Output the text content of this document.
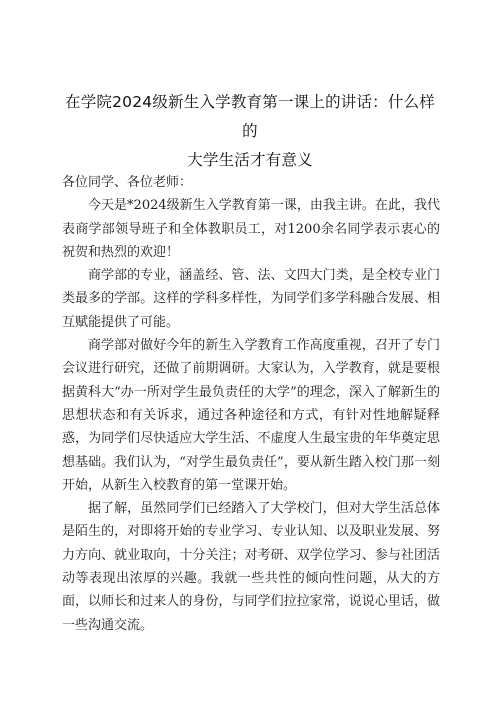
在学院2024级新生入学教育第一课上的讲话：什么样的
大学生活才有意义

各位同学、各位老师：

今天是*2024级新生入学教育第一课，由我主讲。在此，我代表商学部领导班子和全体教职员工，对1200余名同学表示衷心的祝贺和热烈的欢迎！

商学部的专业，涵盖经、管、法、文四大门类，是全校专业门类最多的学部。这样的学科多样性，为同学们多学科融合发展、相互赋能提供了可能。

商学部对做好今年的新生入学教育工作高度重视，召开了专门会议进行研究，还做了前期调研。大家认为，入学教育，就是要根据黄科大“办一所对学生最负责任的大学”的理念，深入了解新生的思想状态和有关诉求，通过各种途径和方式，有针对性地解疑释惑，为同学们尽快适应大学生活、不虚度人生最宝贵的年华奠定思想基础。我们认为，“对学生最负责任”，要从新生踏入校门那一刻开始，从新生入校教育的第一堂课开始。

据了解，虽然同学们已经踏入了大学校门，但对大学生活总体是陌生的，对即将开始的专业学习、专业认知、以及职业发展、努力方向、就业取向，十分关注；对考研、双学位学习、参与社团活动等表现出浓厚的兴趣。我就一些共性的倾向性问题，从大的方面，以师长和过来人的身份，与同学们拉拉家常，说说心里话，做一些沟通交流。
